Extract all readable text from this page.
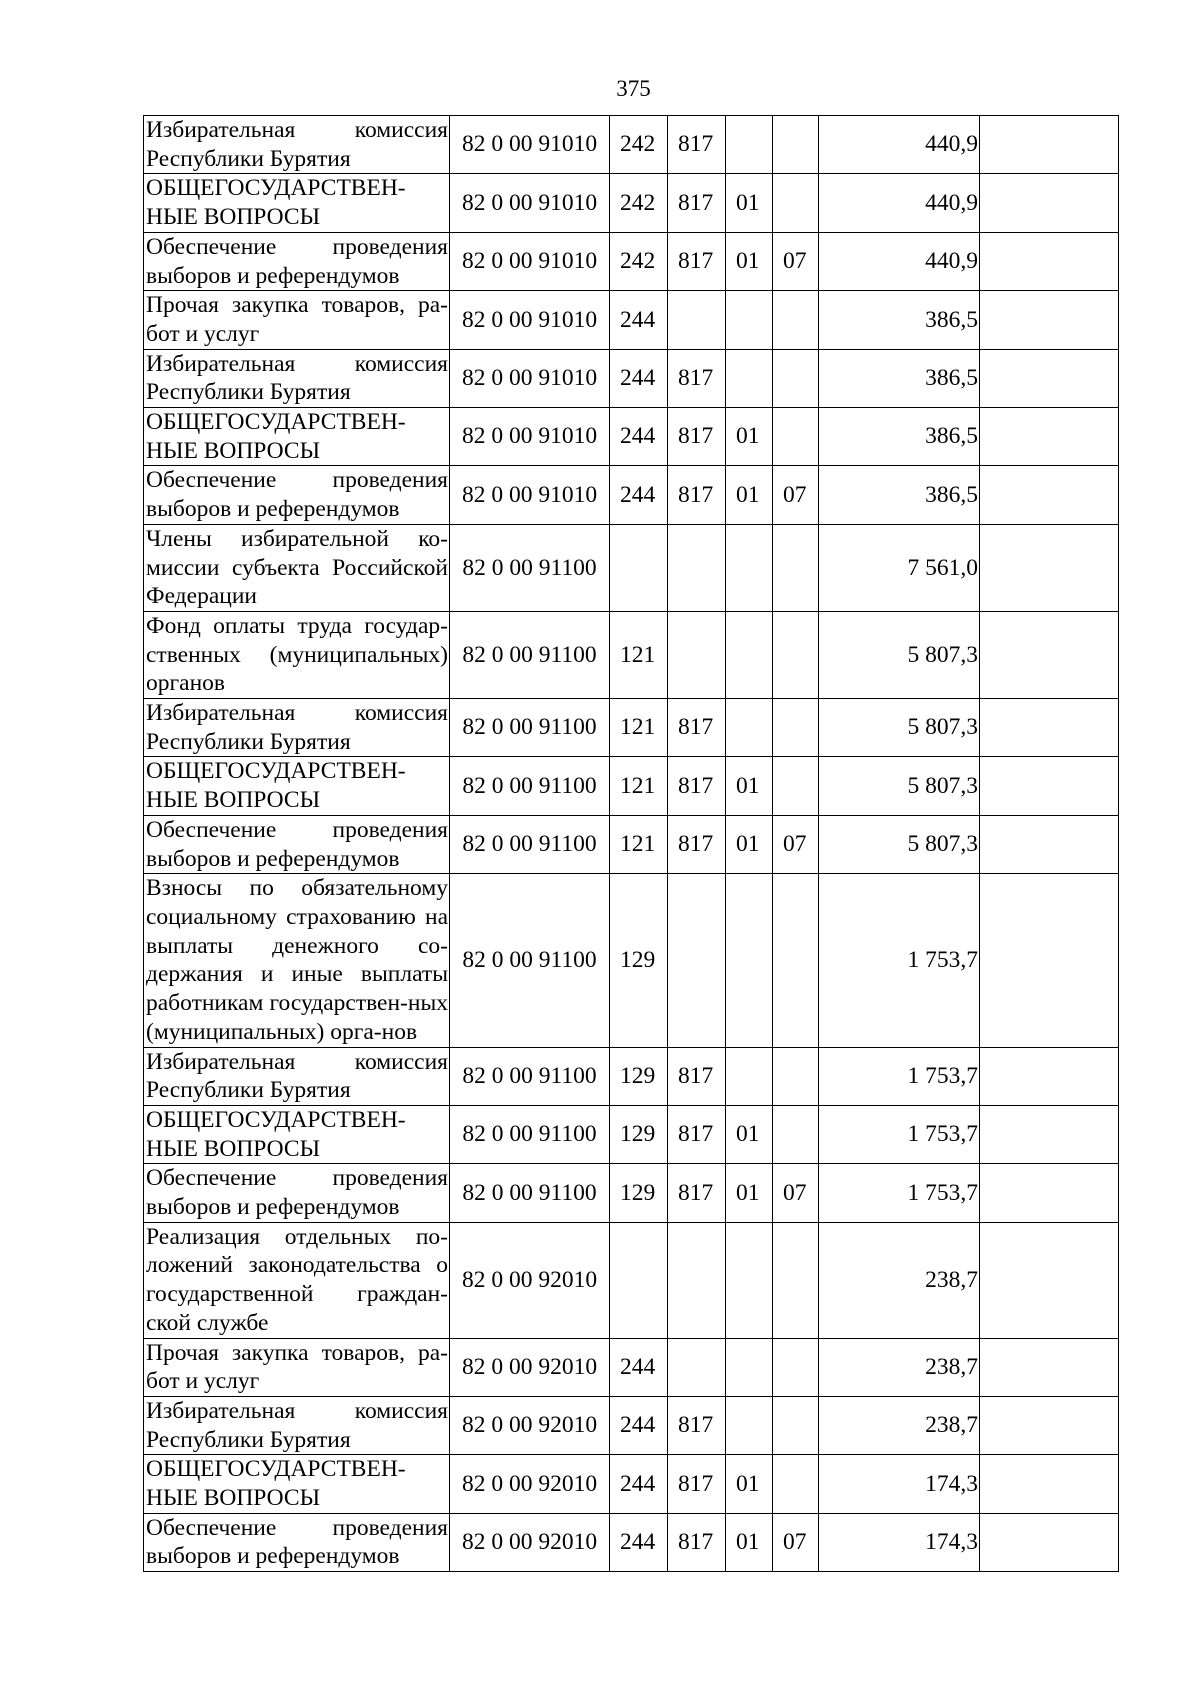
375
Избирательная комиссия Республики Бурятия	82 0 00 91010	242	817			440,9	
ОБЩЕГОСУДАРСТВЕН-НЫЕ ВОПРОСЫ	82 0 00 91010	242	817	01		440,9	
Обеспечение проведения выборов и референдумов	82 0 00 91010	242	817	01	07	440,9	
Прочая закупка товаров, ра-бот и услуг	82 0 00 91010	244				386,5	
Избирательная комиссия Республики Бурятия	82 0 00 91010	244	817			386,5	
ОБЩЕГОСУДАРСТВЕН-НЫЕ ВОПРОСЫ	82 0 00 91010	244	817	01		386,5	
Обеспечение проведения выборов и референдумов	82 0 00 91010	244	817	01	07	386,5	
Члены избирательной ко-миссии субъекта Российской Федерации	82 0 00 91100					7 561,0	
Фонд оплаты труда государ-ственных (муниципальных) органов	82 0 00 91100	121				5 807,3	
Избирательная комиссия Республики Бурятия	82 0 00 91100	121	817			5 807,3	
ОБЩЕГОСУДАРСТВЕН-НЫЕ ВОПРОСЫ	82 0 00 91100	121	817	01		5 807,3	
Обеспечение проведения выборов и референдумов	82 0 00 91100	121	817	01	07	5 807,3	
Взносы по обязательному социальному страхованию на выплаты денежного со-держания и иные выплаты работникам государствен-ных (муниципальных) орга-нов	82 0 00 91100	129				1 753,7	
Избирательная комиссия Республики Бурятия	82 0 00 91100	129	817			1 753,7	
ОБЩЕГОСУДАРСТВЕН-НЫЕ ВОПРОСЫ	82 0 00 91100	129	817	01		1 753,7	
Обеспечение проведения выборов и референдумов	82 0 00 91100	129	817	01	07	1 753,7	
Реализация отдельных по-ложений законодательства о государственной граждан-ской службе	82 0 00 92010					238,7	
Прочая закупка товаров, ра-бот и услуг	82 0 00 92010	244				238,7	
Избирательная комиссия Республики Бурятия	82 0 00 92010	244	817			238,7	
ОБЩЕГОСУДАРСТВЕН-НЫЕ ВОПРОСЫ	82 0 00 92010	244	817	01		174,3	
Обеспечение проведения выборов и референдумов	82 0 00 92010	244	817	01	07	174,3	
